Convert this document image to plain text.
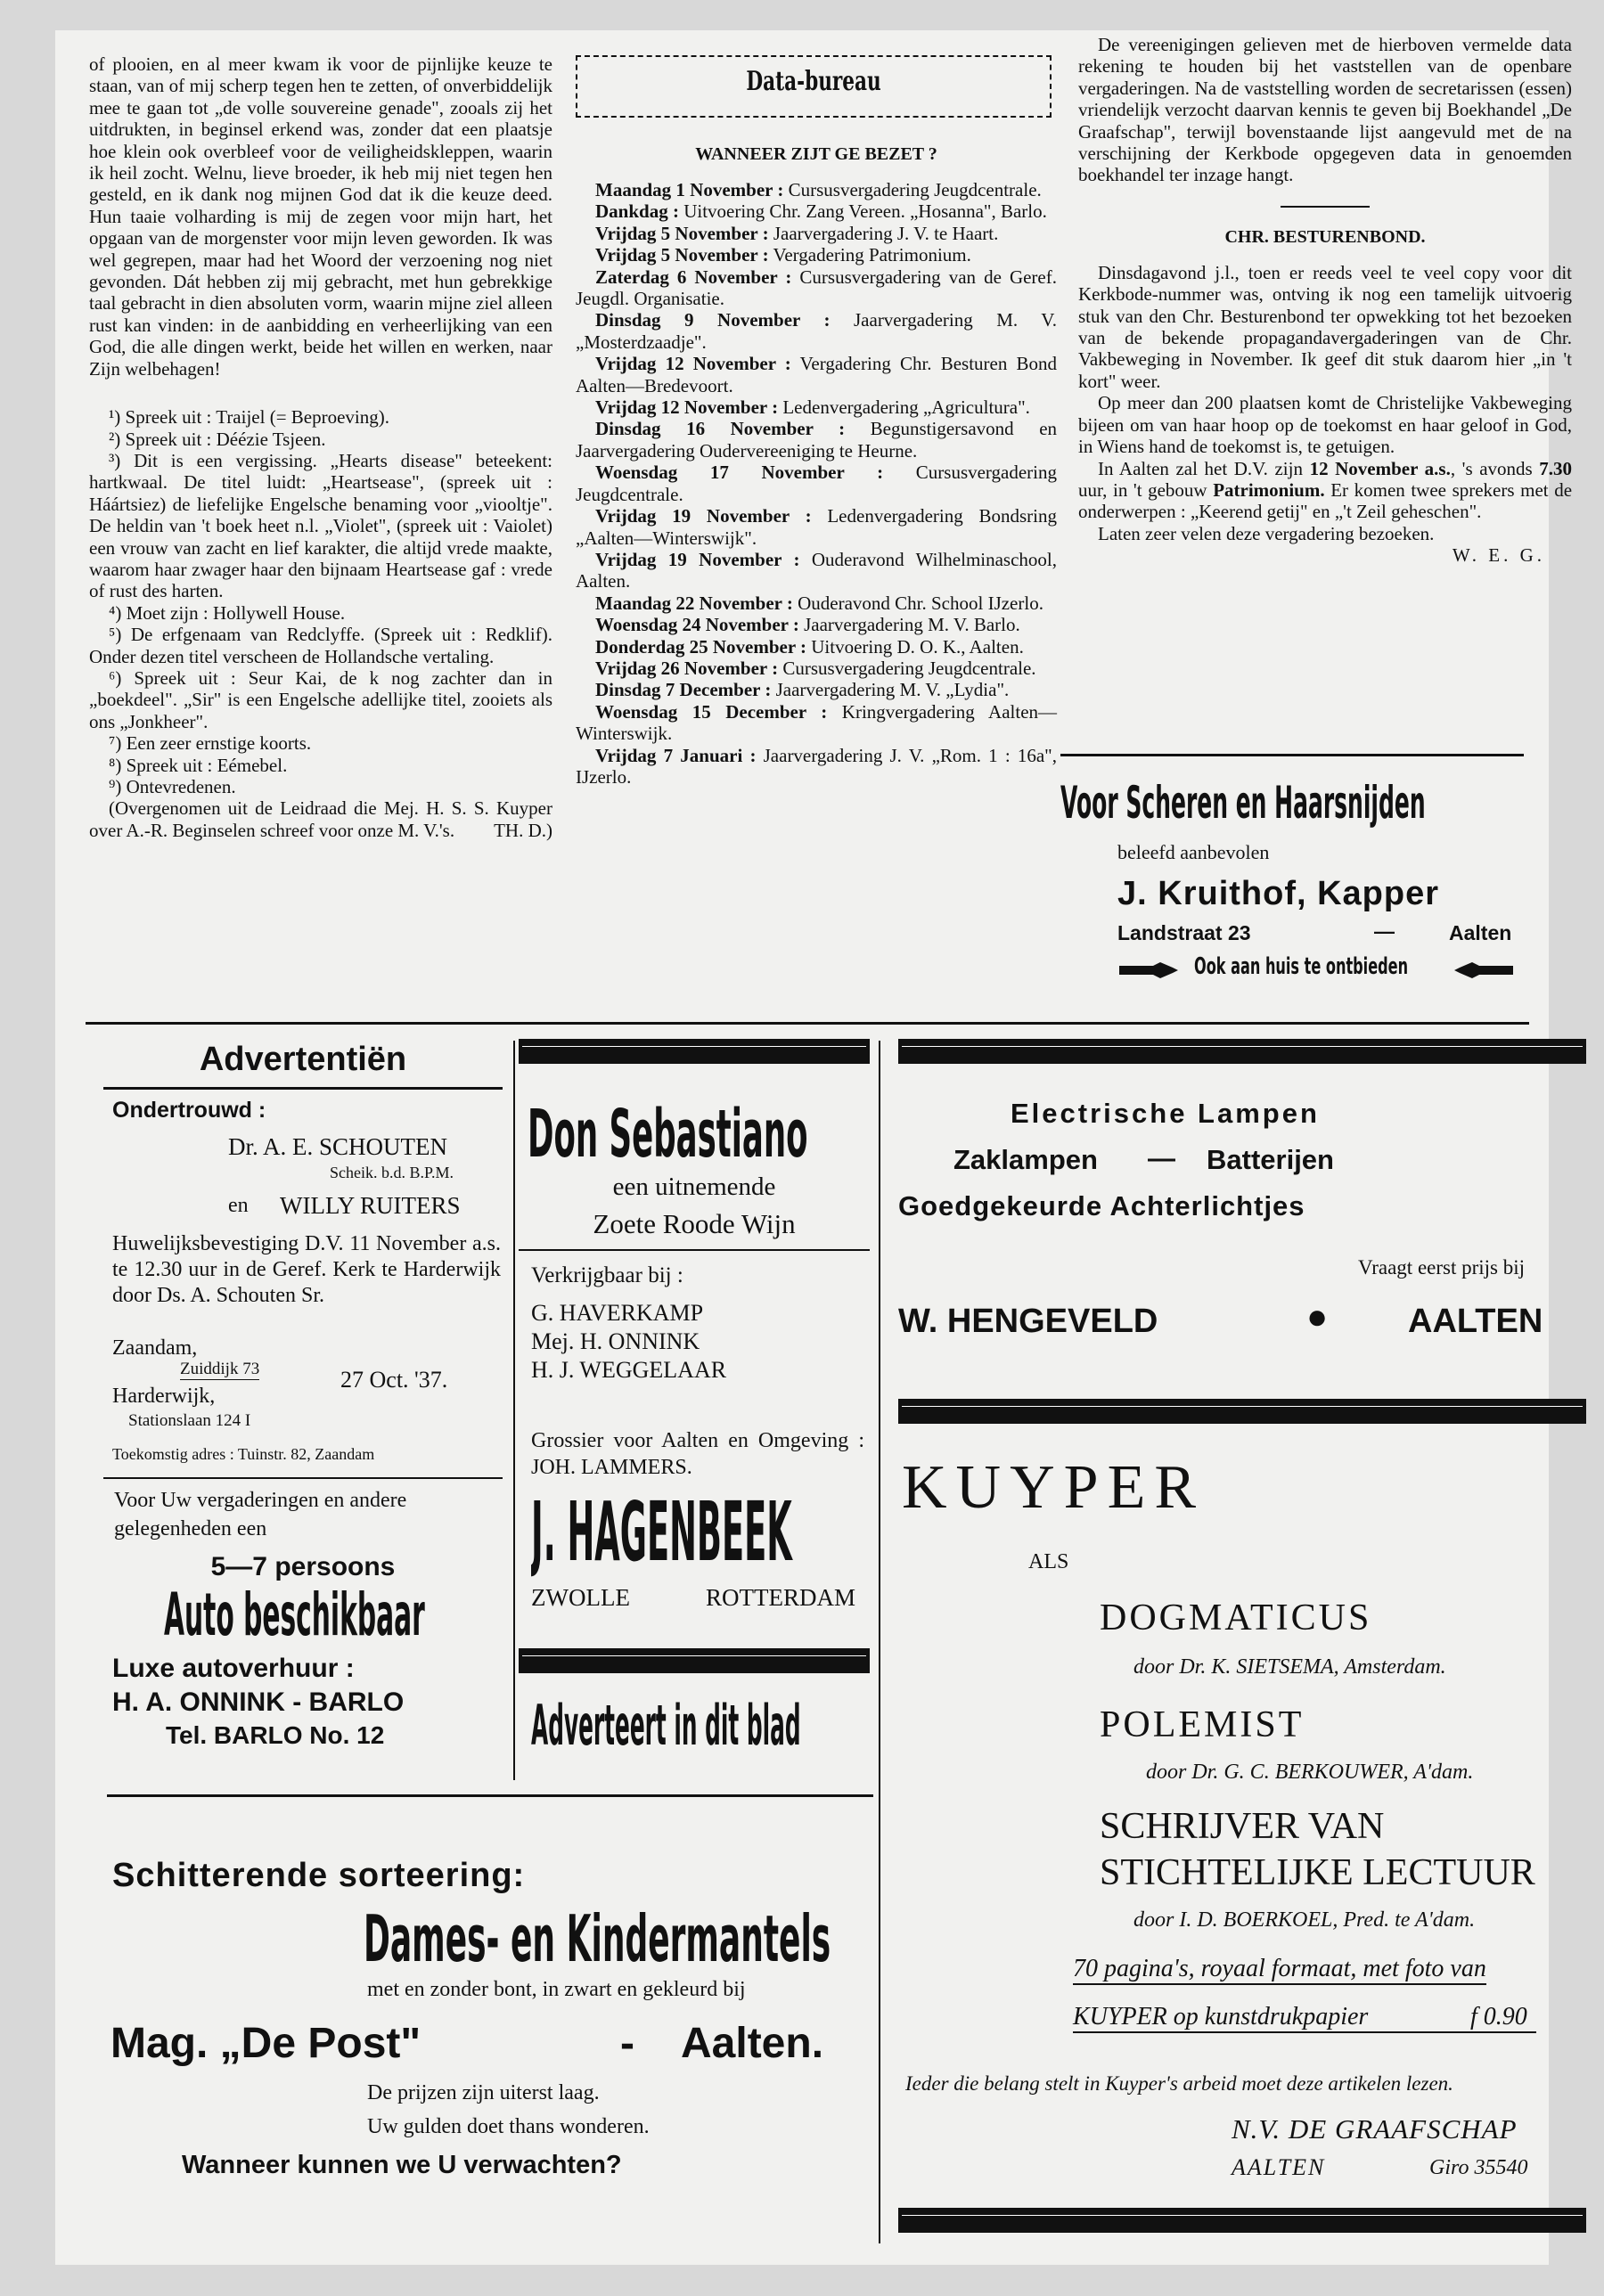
of plooien, en al meer kwam ik voor de pijnlijke keuze te staan, van of mij scherp tegen hen te zetten, of onverbiddelijk mee te gaan tot „de volle souvereine genade", zooals zij het uitdrukten, in beginsel erkend was, zonder dat een plaatsje hoe klein ook overbleef voor de veiligheidskleppen, waarin ik heil zocht. Welnu, lieve broeder, ik heb mij niet tegen hen gesteld, en ik dank nog mijnen God dat ik die keuze deed. Hun taaie volharding is mij de zegen voor mijn hart, het opgaan van de morgenster voor mijn leven geworden. Ik was wel gegrepen, maar had het Woord der verzoening nog niet gevonden. Dát hebben zij mij gebracht, met hun gebrekkige taal gebracht in dien absoluten vorm, waarin mijne ziel alleen rust kan vinden: in de aanbidding en verheerlijking van een God, die alle dingen werkt, beide het willen en werken, naar Zijn welbehagen!

¹) Spreek uit : Traijel (= Beproeving).

²) Spreek uit : Déézie Tsjeen.

³) Dit is een vergissing. „Hearts disease" beteekent: hartkwaal. De titel luidt: „Heartsease", (spreek uit : Háártsiez) de liefelijke Engelsche benaming voor „viooltje". De heldin van 't boek heet n.l. „Violet", (spreek uit : Vaiolet) een vrouw van zacht en lief karakter, die altijd vrede maakte, waarom haar zwager haar den bijnaam Heartsease gaf : vrede of rust des harten.

⁴) Moet zijn : Hollywell House.

⁵) De erfgenaam van Redclyffe. (Spreek uit : Redklif). Onder dezen titel verscheen de Hollandsche vertaling.

⁶) Spreek uit : Seur Kai, de k nog zachter dan in „boekdeel". „Sir" is een Engelsche adellijke titel, zooiets als ons „Jonkheer".

⁷) Een zeer ernstige koorts.

⁸) Spreek uit : Eémebel.

⁹) Ontevredenen.

(Overgenomen uit de Leidraad die Mej. H. S. S. Kuyper over A.-R. Beginselen schreef voor onze M. V.'s.	TH. D.)

Data-bureau

WANNEER ZIJT GE BEZET ?

Maandag 1 November : Cursusvergadering Jeugdcentrale.

Dankdag : Uitvoering Chr. Zang Vereen. „Hosanna", Barlo.

Vrijdag 5 November : Jaarvergadering J. V. te Haart.

Vrijdag 5 November : Vergadering Patrimonium.

Zaterdag 6 November : Cursusvergadering van de Geref. Jeugdl. Organisatie.

Dinsdag 9 November : Jaarvergadering M. V. „Mosterdzaadje".

Vrijdag 12 November : Vergadering Chr. Besturen Bond Aalten—Bredevoort.

Vrijdag 12 November : Ledenvergadering „Agricultura".

Dinsdag 16 November : Begunstigersavond en Jaarvergadering Oudervereeniging te Heurne.

Woensdag 17 November : Cursusvergadering Jeugdcentrale.

Vrijdag 19 November : Ledenvergadering Bondsring „Aalten—Winterswijk".

Vrijdag 19 November : Ouderavond Wilhelminaschool, Aalten.

Maandag 22 November : Ouderavond Chr. School IJzerlo.

Woensdag 24 November : Jaarvergadering M. V. Barlo.

Donderdag 25 November : Uitvoering D. O. K., Aalten.

Vrijdag 26 November : Cursusvergadering Jeugdcentrale.

Dinsdag 7 December : Jaarvergadering M. V. „Lydia".

Woensdag 15 December : Kringvergadering Aalten—Winterswijk.

Vrijdag 7 Januari : Jaarvergadering J. V. „Rom. 1 : 16a", IJzerlo.

De vereenigingen gelieven met de hierboven vermelde data rekening te houden bij het vaststellen van de openbare vergaderingen. Na de vaststelling worden de secretarissen (essen) vriendelijk verzocht daarvan kennis te geven bij Boekhandel „De Graafschap", terwijl bovenstaande lijst aangevuld met de na verschijning der Kerkbode opgegeven data in genoemden boekhandel ter inzage hangt.

CHR. BESTURENBOND.

Dinsdagavond j.l., toen er reeds veel te veel copy voor dit Kerkbode-nummer was, ontving ik nog een tamelijk uitvoerig stuk van den Chr. Besturenbond ter opwekking tot het bezoeken van de bekende propagandavergaderingen van de Chr. Vakbeweging in November. Ik geef dit stuk daarom hier „in 't kort" weer.

Op meer dan 200 plaatsen komt de Christelijke Vakbeweging bijeen om van haar hoop op de toekomst en haar geloof in God, in Wiens hand de toekomst is, te getuigen.

In Aalten zal het D.V. zijn 12 November a.s., 's avonds 7.30 uur, in 't gebouw Patrimonium. Er komen twee sprekers met de onderwerpen : „Keerend getij" en „'t Zeil geheschen".

Laten zeer velen deze vergadering bezoeken.

W. E. G.

Voor Scheren en Haarsnijden
beleefd aanbevolen
J. Kruithof, Kapper
Landstraat 23	—	Aalten
Ook aan huis te ontbieden
Advertentiën
Ondertrouwd :
Dr. A. E. SCHOUTEN
Scheik. b.d. B.P.M.
en WILLY RUITERS

Huwelijksbevestiging D.V. 11 November a.s. te 12.30 uur in de Geref. Kerk te Harderwijk door Ds. A. Schouten Sr.

Zaandam,
Zuiddijk 73	27 Oct. '37.
Harderwijk,
Stationslaan 124 I
Toekomstig adres : Tuinstr. 82, Zaandam

Voor Uw vergaderingen en andere gelegenheden een

5—7 persoons
Auto beschikbaar
Luxe autoverhuur :
H. A. ONNINK - BARLO
Tel. BARLO No. 12
Don Sebastiano
een uitnemende
Zoete Roode Wijn
Verkrijgbaar bij :
G. HAVERKAMP
Mej. H. ONNINK
H. J. WEGGELAAR

Grossier voor Aalten en Omgeving : JOH. LAMMERS.

J. HAGENBEEK
ZWOLLE	ROTTERDAM
Adverteert in dit blad
Electrische Lampen
Zaklampen — Batterijen
Goedgekeurde Achterlichtjes
Vraagt eerst prijs bij
W. HENGEVELD	● AALTEN
KUYPER
ALS
DOGMATICUS
door Dr. K. SIETSEMA, Amsterdam.
POLEMIST
door Dr. G. C. BERKOUWER, A'dam.
SCHRIJVER VAN
STICHTELIJKE LECTUUR
door I. D. BOERKOEL, Pred. te A'dam.
70 pagina's, royaal formaat, met foto van
KUYPER op kunstdrukpapier	f 0.90
Ieder die belang stelt in Kuyper's arbeid moet deze artikelen lezen.
N.V. DE GRAAFSCHAP
AALTEN	Giro 35540
Schitterende sorteering:
Dames- en Kindermantels
met en zonder bont, in zwart en gekleurd bij
Mag. „De Post"	- Aalten.
De prijzen zijn uiterst laag.
Uw gulden doet thans wonderen.
Wanneer kunnen we U verwachten?
